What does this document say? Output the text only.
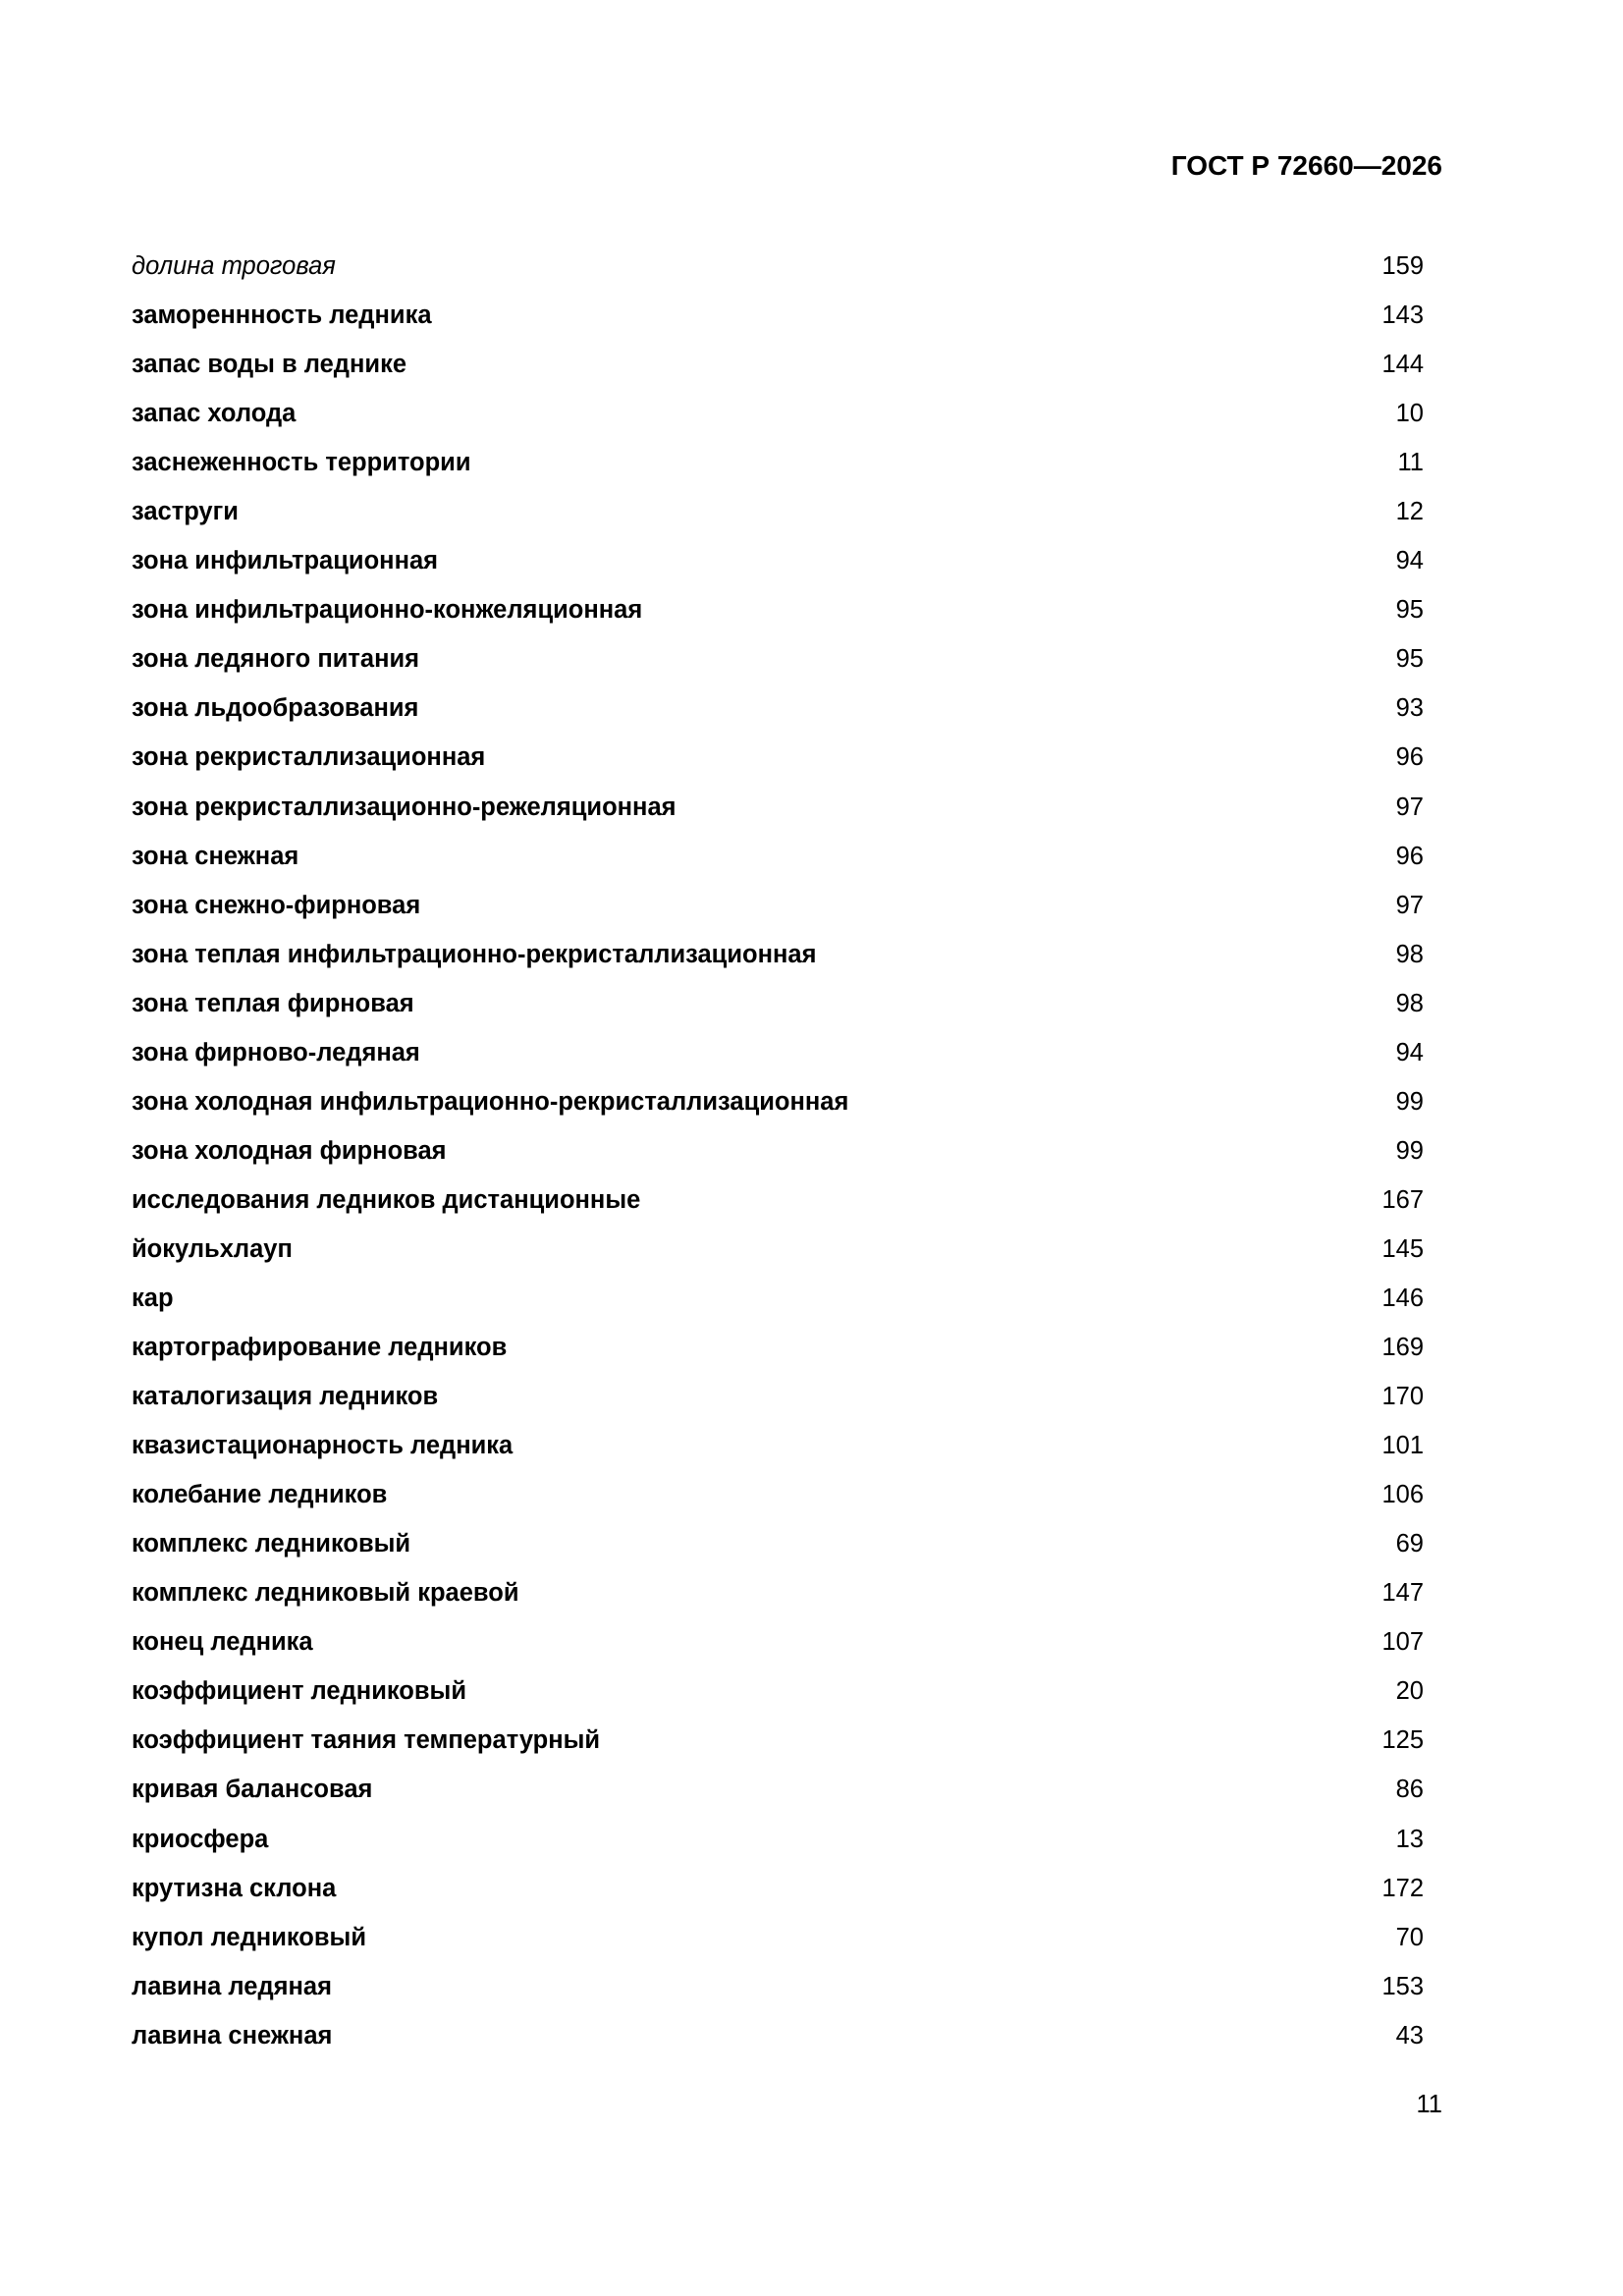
ГОСТ Р 72660—2026
долина троговая	159
замореннность ледника	143
запас воды в леднике	144
запас холода	10
заснеженность территории	11
заструги	12
зона инфильтрационная	94
зона инфильтрационно-конжеляционная	95
зона ледяного питания	95
зона льдообразования	93
зона рекристаллизационная	96
зона рекристаллизационно-режеляционная	97
зона снежная	96
зона снежно-фирновая	97
зона теплая инфильтрационно-рекристаллизационная	98
зона теплая фирновая	98
зона фирново-ледяная	94
зона холодная инфильтрационно-рекристаллизационная	99
зона холодная фирновая	99
исследования ледников дистанционные	167
йокульхлауп	145
кар	146
картографирование ледников	169
каталогизация ледников	170
квазистационарность ледника	101
колебание ледников	106
комплекс ледниковый	69
комплекс ледниковый краевой	147
конец ледника	107
коэффициент ледниковый	20
коэффициент таяния температурный	125
кривая балансовая	86
криосфера	13
крутизна склона	172
купол ледниковый	70
лавина ледяная	153
лавина снежная	43
11
